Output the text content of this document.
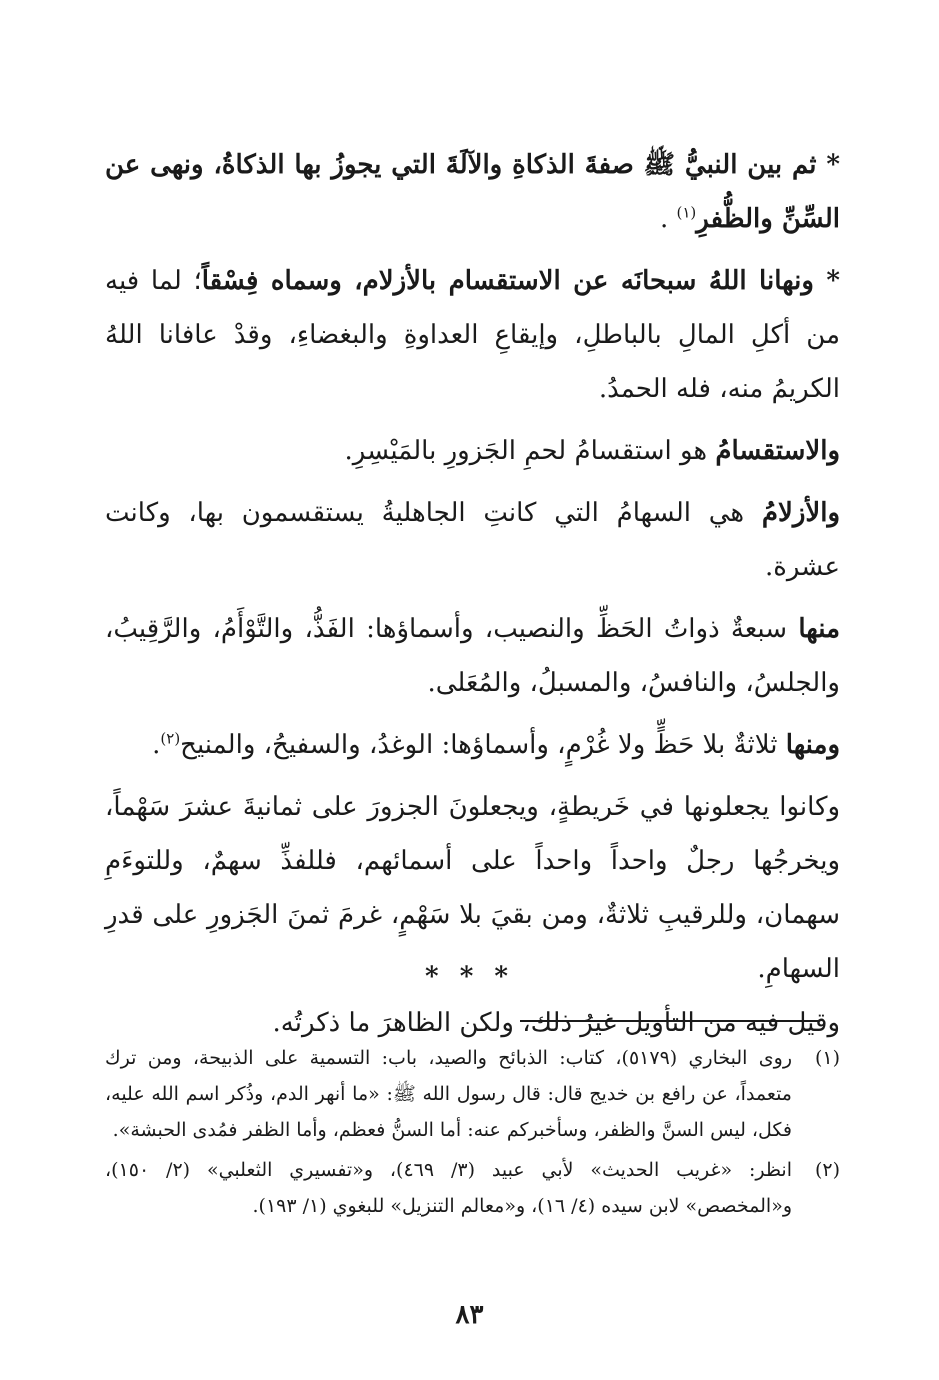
* ثم بين النبيُّ ﷺ صفةَ الذكاةِ والآلَةَ التي يجوزُ بها الذكاةُ، ونهى عن السِّنِّ والظُّفرِ$^{(١)}$ .

* ونهانا اللهُ سبحانَه عن الاستقسام بالأزلام، وسماه فِسْقاً؛ لما فيه من أكلِ المالِ بالباطلِ، وإيقاعِ العداوةِ والبغضاءِ، وقدْ عافانا اللهُ الكريمُ منه، فله الحمدُ.

والاستقسامُ هو استقسامُ لحمِ الجَزورِ بالمَيْسِرِ.

والأزلامُ هي السهامُ التي كانتِ الجاهليةُ يستقسمون بها، وكانت عشرة.

منها سبعةٌ ذواتُ الحَظِّ والنصيب، وأسماؤها: الفَذُّ، والتَّوْأَمُ، والرَّقِيبُ، والجلسُ، والنافسُ، والمسبلُ، والمُعَلى.

ومنها ثلاثةٌ بلا حَظٍّ ولا غُرْمٍ، وأسماؤها: الوغدُ، والسفيحُ، والمنيح$^{(٢)}$.

وكانوا يجعلونها في خَريطةٍ، ويجعلونَ الجزورَ على ثمانيةَ عشرَ سَهْماً، ويخرجُها رجلٌ واحداً واحداً على أسمائهم، فللفذِّ سهمٌ، وللتوءَمِ سهمان، وللرقيبِ ثلاثةٌ، ومن بقيَ بلا سَهْمٍ، غرمَ ثمنَ الجَزورِ على قدرِ السهامِ.

وقيل فيه من التأويل غيرُ ذلك، ولكن الظاهرَ ما ذكرتُه.

* * *
(١)
روى البخاري (٥١٧٩)، كتاب: الذبائح والصيد، باب: التسمية على الذبيحة، ومن ترك متعمداً، عن رافع بن خديج قال: قال رسول الله ﷺ: «ما أنهر الدم، وذُكر اسم الله عليه، فكل، ليس السنَّ والظفر، وسأخبركم عنه: أما السنُّ فعظم، وأما الظفر فمُدى الحبشة».
(٢)
انظر: «غريب الحديث» لأبي عبيد (٣/ ٤٦٩)، و«تفسيري الثعلبي» (٢/ ١٥٠)، و«المخصص» لابن سيده (٤/ ١٦)، و«معالم التنزيل» للبغوي (١/ ١٩٣).
٨٣
